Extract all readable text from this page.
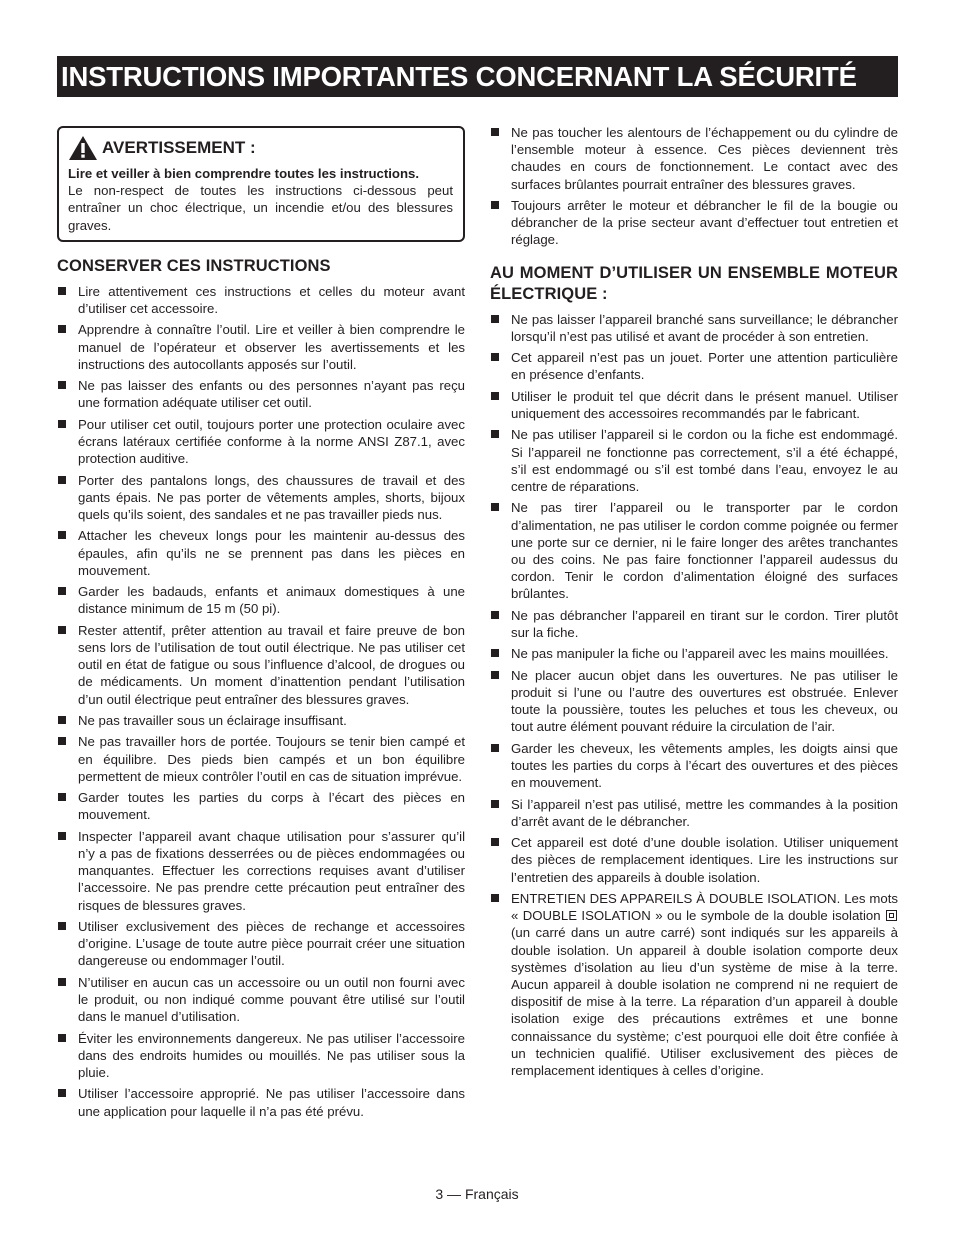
INSTRUCTIONS IMPORTANTES CONCERNANT LA SÉCURITÉ
AVERTISSEMENT :
Lire et veiller à bien comprendre toutes les instructions.
Le non-respect de toutes les instructions ci-dessous peut entraîner un choc électrique, un incendie et/ou des blessures graves.
CONSERVER CES INSTRUCTIONS
Lire attentivement ces instructions et celles du moteur avant d’utiliser cet accessoire.
Apprendre à connaître l’outil. Lire et veiller à bien comprendre le manuel de l’opérateur et observer les avertissements et les instructions des autocollants apposés sur l’outil.
Ne pas laisser des enfants ou des personnes n’ayant pas reçu une formation adéquate utiliser cet outil.
Pour utiliser cet outil, toujours porter une protection oculaire avec écrans latéraux certifiée conforme à la norme ANSI Z87.1, avec protection auditive.
Porter des pantalons longs, des chaussures de travail et des gants épais. Ne pas porter de vêtements amples, shorts, bijoux quels qu’ils soient, des sandales et ne pas travailler pieds nus.
Attacher les cheveux longs pour les maintenir au-dessus des épaules, afin qu’ils ne se prennent pas dans les pièces en mouvement.
Garder les badauds, enfants et animaux domestiques à une distance minimum de 15 m (50 pi).
Rester attentif, prêter attention au travail et faire preuve de bon sens lors de l’utilisation de tout outil électrique. Ne pas utiliser cet outil en état de fatigue ou sous l’influence d’alcool, de drogues ou de médicaments. Un moment d’inattention pendant l’utilisation d’un outil électrique peut entraîner des blessures graves.
Ne pas travailler sous un éclairage insuffisant.
Ne pas travailler hors de portée. Toujours se tenir bien campé et en équilibre. Des pieds bien campés et un bon équilibre permettent de mieux contrôler l’outil en cas de situation imprévue.
Garder toutes les parties du corps à l’écart des pièces en mouvement.
Inspecter l’appareil avant chaque utilisation pour s’assurer qu’il n’y a pas de fixations desserrées ou de pièces endommagées ou manquantes. Effectuer les corrections requises avant d’utiliser l’accessoire. Ne pas prendre cette précaution peut entraîner des risques de blessures graves.
Utiliser exclusivement des pièces de rechange et accessoires d’origine. L’usage de toute autre pièce pourrait créer une situation dangereuse ou endommager l’outil.
N’utiliser en aucun cas un accessoire ou un outil non fourni avec le produit, ou non indiqué comme pouvant être utilisé sur l’outil dans le manuel d’utilisation.
Éviter les environnements dangereux. Ne pas utiliser l’accessoire dans des endroits humides ou mouillés. Ne pas utiliser sous la pluie.
Utiliser l’accessoire approprié. Ne pas utiliser l’accessoire dans une application pour laquelle il n’a pas été prévu.
Ne pas toucher les alentours de l’échappement ou du cylindre de l’ensemble moteur à essence. Ces pièces deviennent très chaudes en cours de fonctionnement. Le contact avec des surfaces brûlantes pourrait entraîner des blessures graves.
Toujours arrêter le moteur et débrancher le fil de la bougie ou débrancher de la prise secteur avant d’effectuer tout entretien et réglage.
AU MOMENT D’UTILISER UN ENSEMBLE MOTEUR ÉLECTRIQUE :
Ne pas laisser l’appareil branché sans surveillance; le débrancher lorsqu’il n’est pas utilisé et avant de procéder à son entretien.
Cet appareil n’est pas un jouet. Porter une attention particulière en présence d’enfants.
Utiliser le produit tel que décrit dans le présent manuel. Utiliser uniquement des accessoires recommandés par le fabricant.
Ne pas utiliser l’appareil si le cordon ou la fiche est endommagé. Si l’appareil ne fonctionne pas correctement, s’il a été échappé, s’il est endommagé ou s’il est tombé dans l’eau, envoyez le au centre de réparations.
Ne pas tirer l’appareil ou le transporter par le cordon d’alimentation, ne pas utiliser le cordon comme poignée ou fermer une porte sur ce dernier, ni le faire longer des arêtes tranchantes ou des coins. Ne pas faire fonctionner l’appareil audessus du cordon. Tenir le cordon d’alimentation éloigné des surfaces brûlantes.
Ne pas débrancher l’appareil en tirant sur le cordon. Tirer plutôt sur la fiche.
Ne pas manipuler la fiche ou l’appareil avec les mains mouillées.
Ne placer aucun objet dans les ouvertures. Ne pas utiliser le produit si l’une ou l’autre des ouvertures est obstruée. Enlever toute la poussière, toutes les peluches et tous les cheveux, ou tout autre élément pouvant réduire la circulation de l’air.
Garder les cheveux, les vêtements amples, les doigts ainsi que toutes les parties du corps à l’écart des ouvertures et des pièces en mouvement.
Si l’appareil n’est pas utilisé, mettre les commandes à la position d’arrêt avant de le débrancher.
Cet appareil est doté d’une double isolation. Utiliser uniquement des pièces de remplacement identiques. Lire les instructions sur l’entretien des appareils à double isolation.
ENTRETIEN DES APPAREILS À DOUBLE ISOLATION. Les mots « DOUBLE ISOLATION » ou le symbole de la double isolation  (un carré dans un autre carré) sont indiqués sur les appareils à double isolation. Un appareil à double isolation comporte deux systèmes d’isolation au lieu d’un système de mise à la terre. Aucun appareil à double isolation ne comprend ni ne requiert de dispositif de mise à la terre. La réparation d’un appareil à double isolation exige des précautions extrêmes et une bonne connaissance du système; c’est pourquoi elle doit être confiée à un technicien qualifié. Utiliser exclusivement des pièces de remplacement identiques à celles d’origine.
3 — Français
